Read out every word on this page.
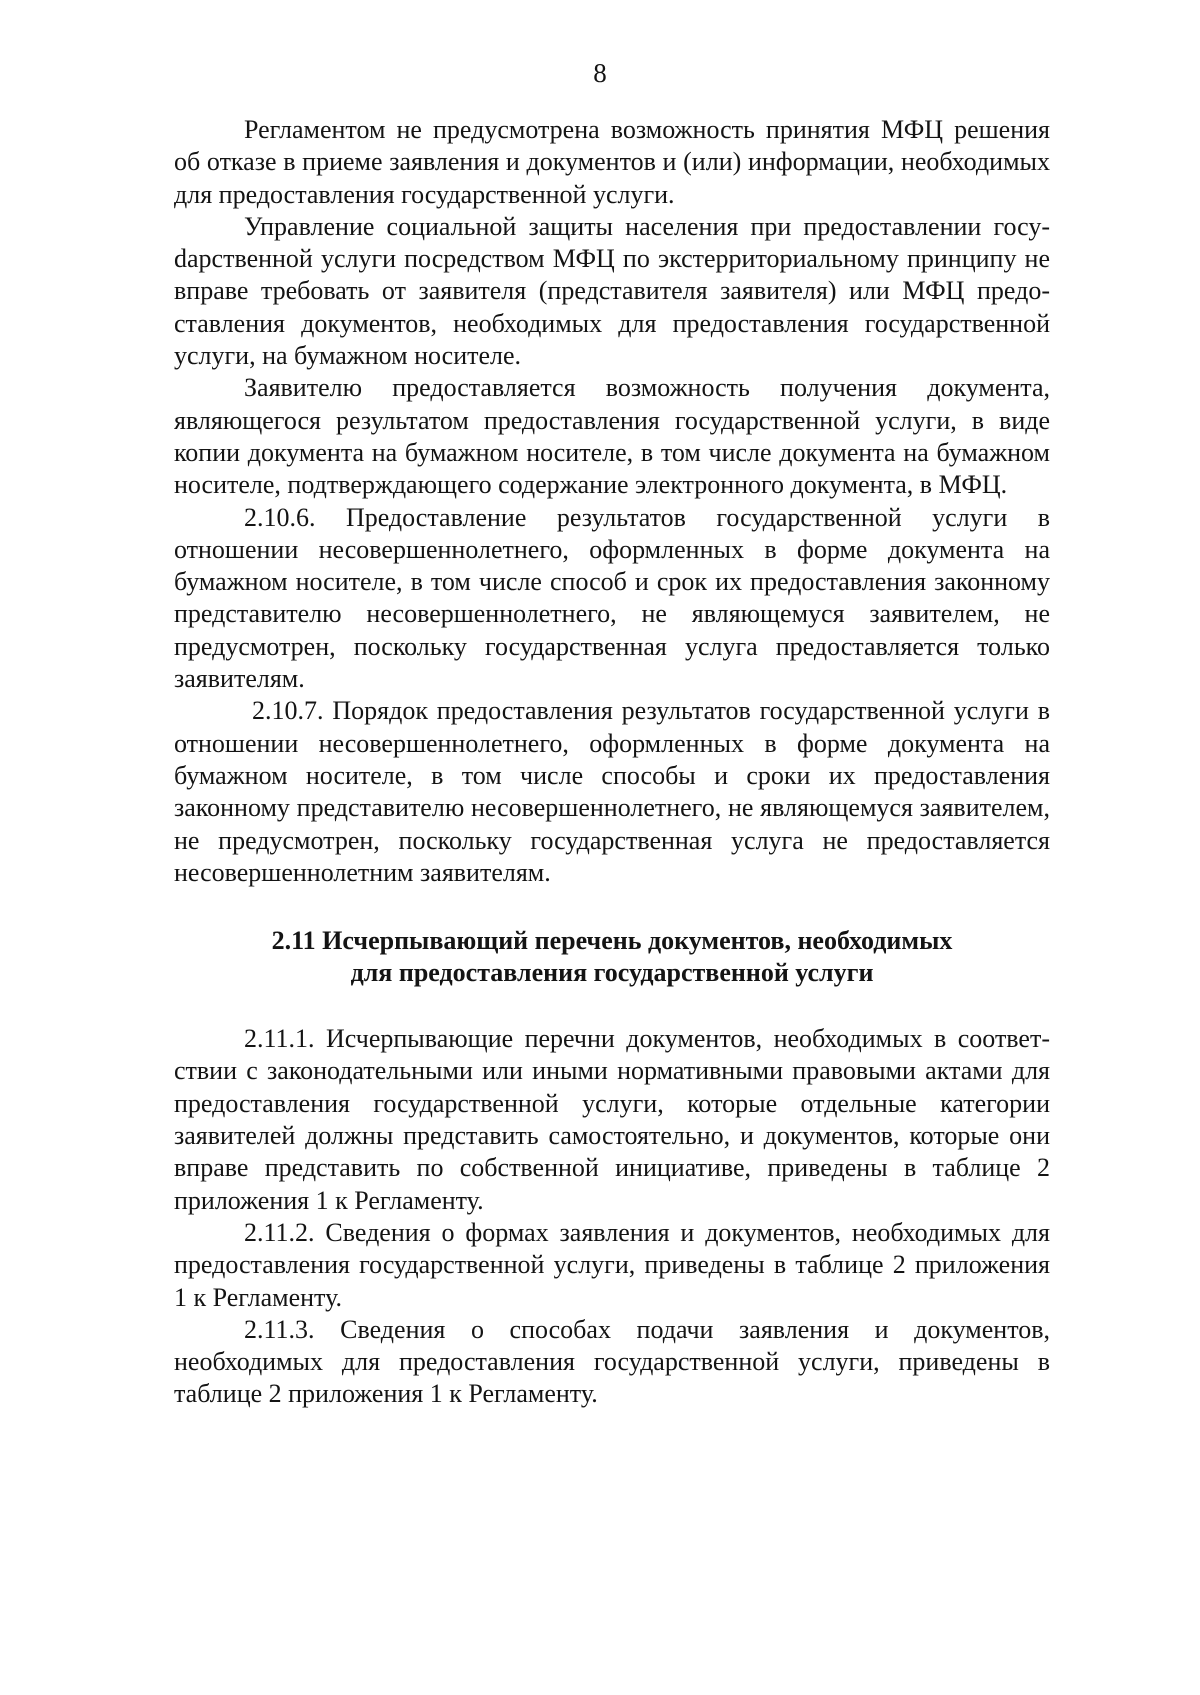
8

Регламентом не предусмотрена возможность принятия МФЦ решения об отказе в приеме заявления и документов и (или) информации, необходимых для предоставления государственной услуги.

Управление социальной защиты населения при предоставлении госуdарственной услуги посредством МФЦ по экстерриториальному принципу не вправе требовать от заявителя (представителя заявителя) или МФЦ предоставления документов, необходимых для предоставления государственной услуги, на бумажном носителе.

Заявителю предоставляется возможность получения документа, являющегося результатом предоставления государственной услуги, в виде копии документа на бумажном носителе, в том числе документа на бумажном носителе, подтверждающего содержание электронного документа, в МФЦ.

2.10.6. Предоставление результатов государственной услуги в отношении несовершеннолетнего, оформленных в форме документа на бумажном носителе, в том числе способ и срок их предоставления законному представителю несовершеннолетнего, не являющемуся заявителем, не предусмотрен, поскольку государственная услуга предоставляется только заявителям.

2.10.7. Порядок предоставления результатов государственной услуги в отношении несовершеннолетнего, оформленных в форме документа на бумажном носителе, в том числе способы и сроки их предоставления законному представителю несовершеннолетнего, не являющемуся заявителем, не предусмотрен, поскольку государственная услуга не предоставляется несовершеннолетним заявителям.

2.11 Исчерпывающий перечень документов, необходимых
для предоставления государственной услуги

2.11.1. Исчерпывающие перечни документов, необходимых в соответствии с законодательными или иными нормативными правовыми актами для предоставления государственной услуги, которые отдельные категории заявителей должны представить самостоятельно, и документов, которые они вправе представить по собственной инициативе, приведены в таблице 2 приложения 1 к Регламенту.

2.11.2. Сведения о формах заявления и документов, необходимых для предоставления государственной услуги, приведены в таблице 2 приложения 1 к Регламенту.

2.11.3. Сведения о способах подачи заявления и документов, необходимых для предоставления государственной услуги, приведены в таблице 2 приложения 1 к Регламенту.
